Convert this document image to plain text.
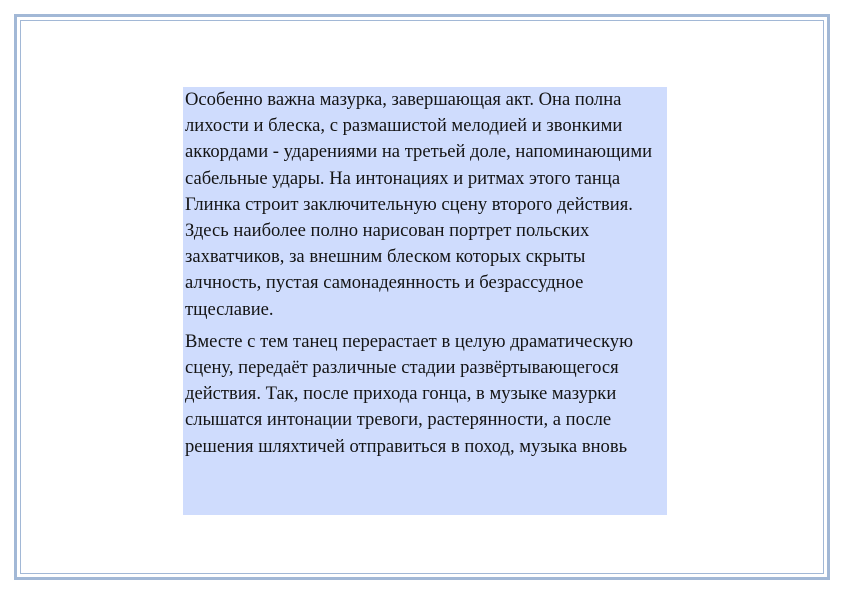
Особенно важна мазурка, завершающая акт. Она полна лихости и блеска, с размашистой мелодией и звонкими аккордами - ударениями на третьей доле, напоминающими сабельные удары. На интонациях и ритмах этого танца Глинка строит заключительную сцену второго действия. Здесь наиболее полно нарисован портрет польских захватчиков, за внешним блеском которых скрыты алчность, пустая самонадеянность и безрассудное тщеславие.

Вместе с тем танец перерастает в целую драматическую сцену, передаёт различные стадии развёртывающегося действия. Так, после прихода гонца, в музыке мазурки слышатся интонации тревоги, растерянности, а после решения шляхтичей отправиться в поход, музыка вновь
